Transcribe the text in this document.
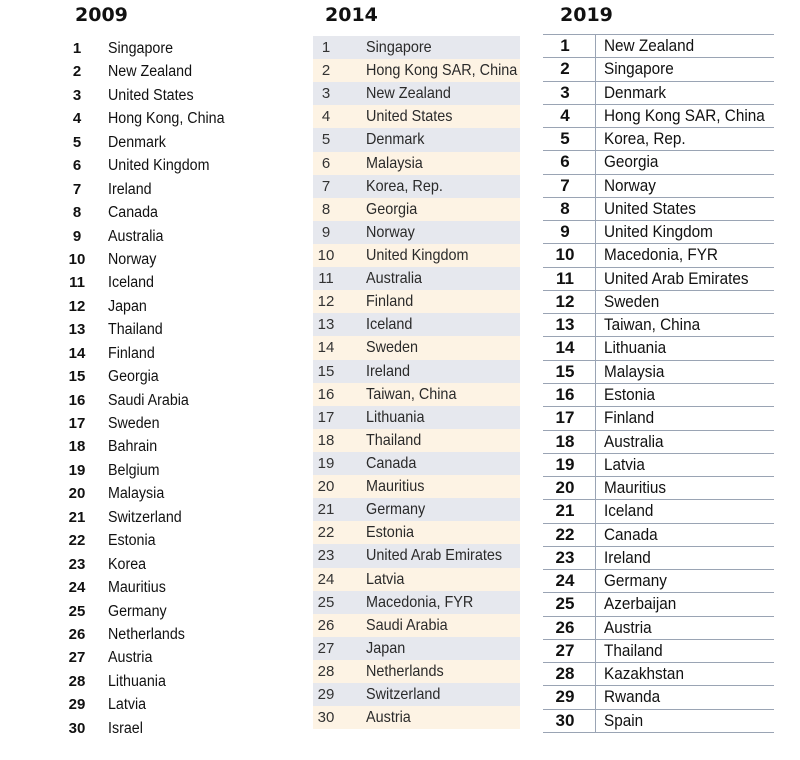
2009	2014	2019
1	Singapore
2	New Zealand
3	United States
4	Hong Kong, China
5	Denmark
6	United Kingdom
7	Ireland
8	Canada
9	Australia
10	Norway
11	Iceland
12	Japan
13	Thailand
14	Finland
15	Georgia
16	Saudi Arabia
17	Sweden
18	Bahrain
19	Belgium
20	Malaysia
21	Switzerland
22	Estonia
23	Korea
24	Mauritius
25	Germany
26	Netherlands
27	Austria
28	Lithuania
29	Latvia
30	Israel
1	Singapore
2	Hong Kong SAR, China
3	New Zealand
4	United States
5	Denmark
6	Malaysia
7	Korea, Rep.
8	Georgia
9	Norway
10 United Kingdom
11	Australia
12 Finland
13 Iceland
14 Sweden
15 Ireland
16 Taiwan, China
17 Lithuania
18 Thailand
19 Canada
20 Mauritius
21 Germany
22 Estonia
23 United Arab Emirates
24 Latvia
25 Macedonia, FYR
26 Saudi Arabia
27 Japan
28 Netherlands
29 Switzerland
30 Austria
1	New Zealand
2	Singapore
3	Denmark
4	Hong Kong SAR, China
5	Korea, Rep.
6	Georgia
7	Norway
8	United States
9	United Kingdom
10	Macedonia, FYR
11	United Arab Emirates
12	Sweden
13	Taiwan, China
14	Lithuania
15	Malaysia
16	Estonia
17	Finland
18	Australia
19	Latvia
20	Mauritius
21	Iceland
22	Canada
23	Ireland
24	Germany
25	Azerbaijan
26	Austria
27	Thailand
28	Kazakhstan
29	Rwanda
30	Spain
